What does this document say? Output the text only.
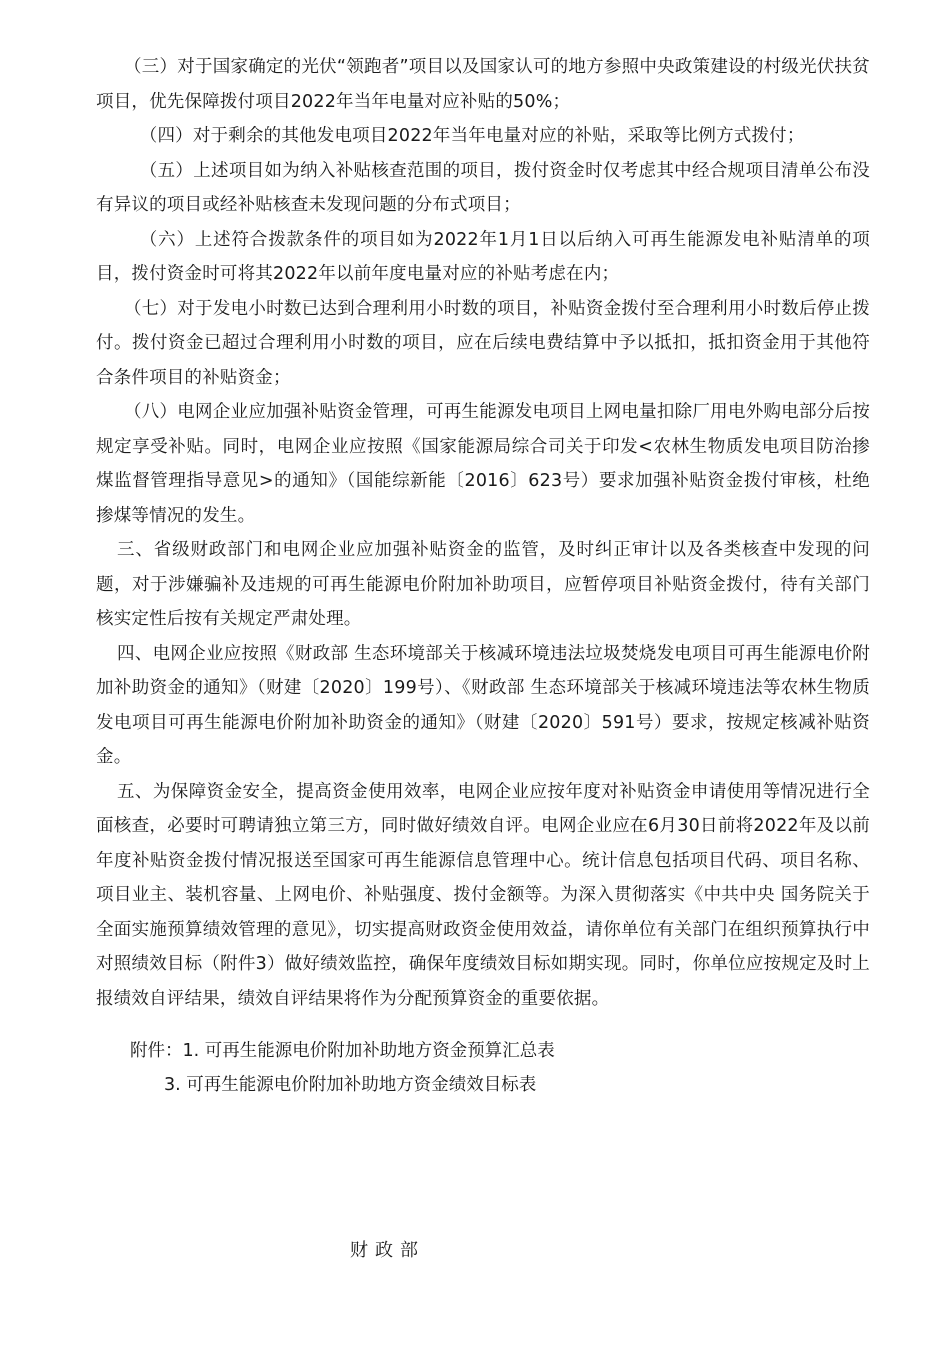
（三）对于国家确定的光伏“领跑者”项目以及国家认可的地方参照中央政策建设的村级光伏扶贫项目，优先保障拨付项目2022年当年电量对应补贴的50%；

（四）对于剩余的其他发电项目2022年当年电量对应的补贴，采取等比例方式拨付；

（五）上述项目如为纳入补贴核查范围的项目，拨付资金时仅考虑其中经合规项目清单公布没有异议的项目或经补贴核查未发现问题的分布式项目；

（六）上述符合拨款条件的项目如为2022年1月1日以后纳入可再生能源发电补贴清单的项目，拨付资金时可将其2022年以前年度电量对应的补贴考虑在内；

（七）对于发电小时数已达到合理利用小时数的项目，补贴资金拨付至合理利用小时数后停止拨付。拨付资金已超过合理利用小时数的项目，应在后续电费结算中予以抵扣，抵扣资金用于其他符合条件项目的补贴资金；

（八）电网企业应加强补贴资金管理，可再生能源发电项目上网电量扣除厂用电外购电部分后按规定享受补贴。同时，电网企业应按照《国家能源局综合司关于印发<农林生物质发电项目防治掺煤监督管理指导意见>的通知》（国能综新能〔2016〕623号）要求加强补贴资金拨付审核，杜绝掺煤等情况的发生。

三、省级财政部门和电网企业应加强补贴资金的监管，及时纠正审计以及各类核查中发现的问题，对于涉嫌骗补及违规的可再生能源电价附加补助项目，应暂停项目补贴资金拨付，待有关部门核实定性后按有关规定严肃处理。

四、电网企业应按照《财政部 生态环境部关于核减环境违法垃圾焚烧发电项目可再生能源电价附加补助资金的通知》（财建〔2020〕199号）、《财政部 生态环境部关于核减环境违法等农林生物质发电项目可再生能源电价附加补助资金的通知》（财建〔2020〕591号）要求，按规定核减补贴资金。

五、为保障资金安全，提高资金使用效率，电网企业应按年度对补贴资金申请使用等情况进行全面核查，必要时可聘请独立第三方，同时做好绩效自评。电网企业应在6月30日前将2022年及以前年度补贴资金拨付情况报送至国家可再生能源信息管理中心。统计信息包括项目代码、项目名称、项目业主、装机容量、上网电价、补贴强度、拨付金额等。为深入贯彻落实《中共中央 国务院关于全面实施预算绩效管理的意见》，切实提高财政资金使用效益，请你单位有关部门在组织预算执行中对照绩效目标（附件3）做好绩效监控，确保年度绩效目标如期实现。同时，你单位应按规定及时上报绩效自评结果，绩效自评结果将作为分配预算资金的重要依据。

附件：1. 可再生能源电价附加补助地方资金预算汇总表
3. 可再生能源电价附加补助地方资金绩效目标表
财政部
